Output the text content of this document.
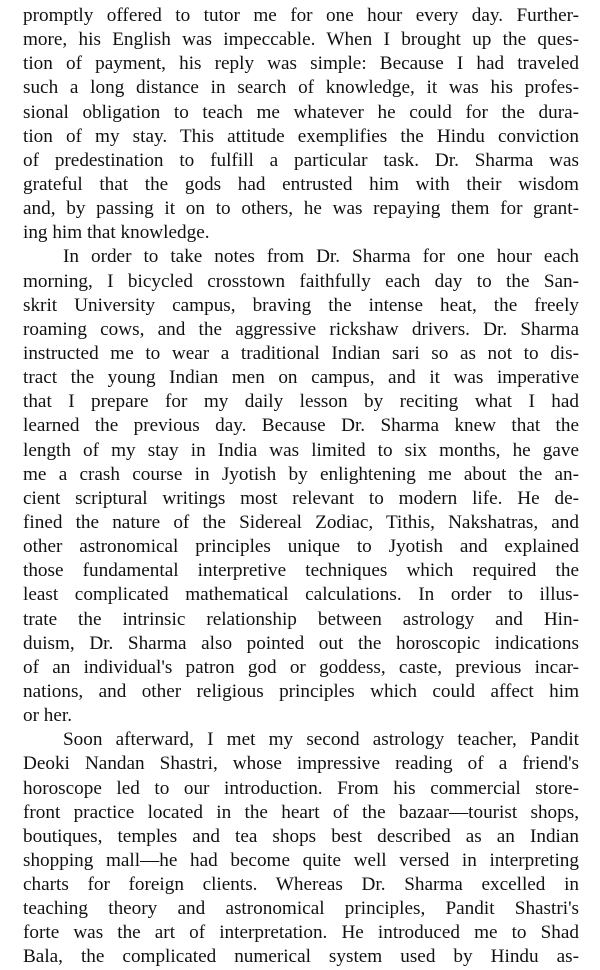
promptly offered to tutor me for one hour every day. Further-
more, his English was impeccable. When I brought up the ques-
tion of payment, his reply was simple: Because I had traveled
such a long distance in search of knowledge, it was his profes-
sional obligation to teach me whatever he could for the dura-
tion of my stay. This attitude exemplifies the Hindu conviction
of predestination to fulfill a particular task. Dr. Sharma was
grateful that the gods had entrusted him with their wisdom
and, by passing it on to others, he was repaying them for grant-
ing him that knowledge.
In order to take notes from Dr. Sharma for one hour each
morning, I bicycled crosstown faithfully each day to the San-
skrit University campus, braving the intense heat, the freely
roaming cows, and the aggressive rickshaw drivers. Dr. Sharma
instructed me to wear a traditional Indian sari so as not to dis-
tract the young Indian men on campus, and it was imperative
that I prepare for my daily lesson by reciting what I had
learned the previous day. Because Dr. Sharma knew that the
length of my stay in India was limited to six months, he gave
me a crash course in Jyotish by enlightening me about the an-
cient scriptural writings most relevant to modern life. He de-
fined the nature of the Sidereal Zodiac, Tithis, Nakshatras, and
other astronomical principles unique to Jyotish and explained
those fundamental interpretive techniques which required the
least complicated mathematical calculations. In order to illus-
trate the intrinsic relationship between astrology and Hin-
duism, Dr. Sharma also pointed out the horoscopic indications
of an individual's patron god or goddess, caste, previous incar-
nations, and other religious principles which could affect him
or her.
Soon afterward, I met my second astrology teacher, Pandit
Deoki Nandan Shastri, whose impressive reading of a friend's
horoscope led to our introduction. From his commercial store-
front practice located in the heart of the bazaar—tourist shops,
boutiques, temples and tea shops best described as an Indian
shopping mall—he had become quite well versed in interpreting
charts for foreign clients. Whereas Dr. Sharma excelled in
teaching theory and astronomical principles, Pandit Shastri's
forte was the art of interpretation. He introduced me to Shad
Bala, the complicated numerical system used by Hindu as-
